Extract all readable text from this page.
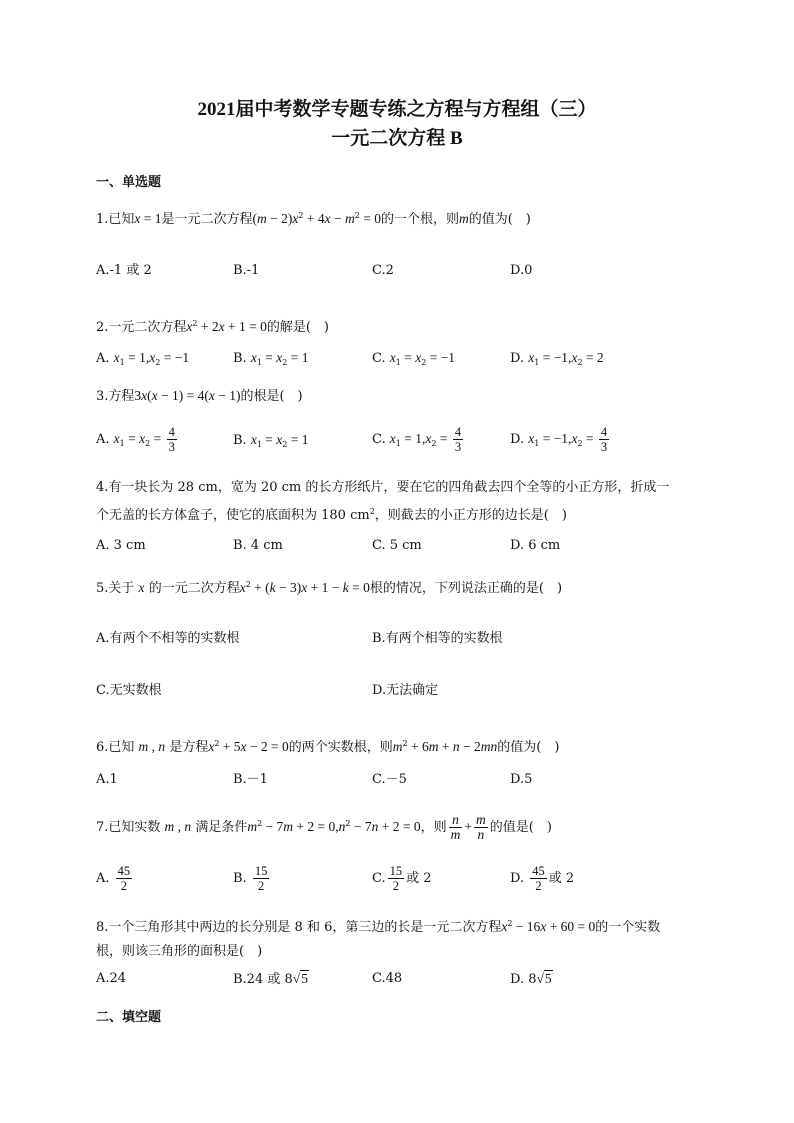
2021届中考数学专题专练之方程与方程组（三）
一元二次方程 B
一、单选题
1.已知x = 1是一元二次方程$(m - 2)x^2 + 4x - m^2 = 0$的一个根，则m的值为(　)
A.-1 或 2	B.-1	C.2	D.0
2.一元二次方程$x^2 + 2x + 1 = 0$的解是(　)
A. $x_1 = 1,x_2 = -1$	B. $x_1 = x_2 = 1$	C. $x_1 = x_2 = -1$	D. $x_1 = -1,x_2 = 2$
3.方程3x(x − 1) = 4(x − 1)的根是(　)
A. $x_1 = x_2 = \frac{4}{3}$	B. $x_1 = x_2 = 1$	C. $x_1 = 1,x_2 = \frac{4}{3}$	D. $x_1 = -1,x_2 = \frac{4}{3}$
4.有一块长为 28 cm，宽为 20 cm 的长方形纸片，要在它的四角截去四个全等的小正方形，折成一
个无盖的长方体盒子，使它的底面积为 180 $cm^2$，则截去的小正方形的边长是(　)
A. 3 cm	B. 4 cm	C. 5 cm	D. 6 cm
5.关于 x 的一元二次方程$x^2 + (k - 3)x + 1 - k = 0$根的情况，下列说法正确的是(　)
A.有两个不相等的实数根	B.有两个相等的实数根
C.无实数根	D.无法确定
6.已知 m , n 是方程$x^2 + 5x - 2 = 0$的两个实数根，则$m^2 + 6m + n - 2mn$的值为(　)
A.1	B.－1	C.－5	D.5
7.已知实数 m , n 满足条件$m^2 - 7m + 2 = 0,n^2 - 7n + 2 = 0$，则 $\frac{n}{m} + \frac{m}{n}$ 的值是(　)
A. $\frac{45}{2}$	B. $\frac{15}{2}$	C. $\frac{15}{2}$ 或 2	D. $\frac{45}{2}$ 或 2
8.一个三角形其中两边的长分别是 8 和 6，第三边的长是一元二次方程$x^2 - 16x + 60 = 0$的一个实数
根，则该三角形的面积是(　)
A.24	B.24 或 8√5	C.48	D. 8√5
二、填空题
